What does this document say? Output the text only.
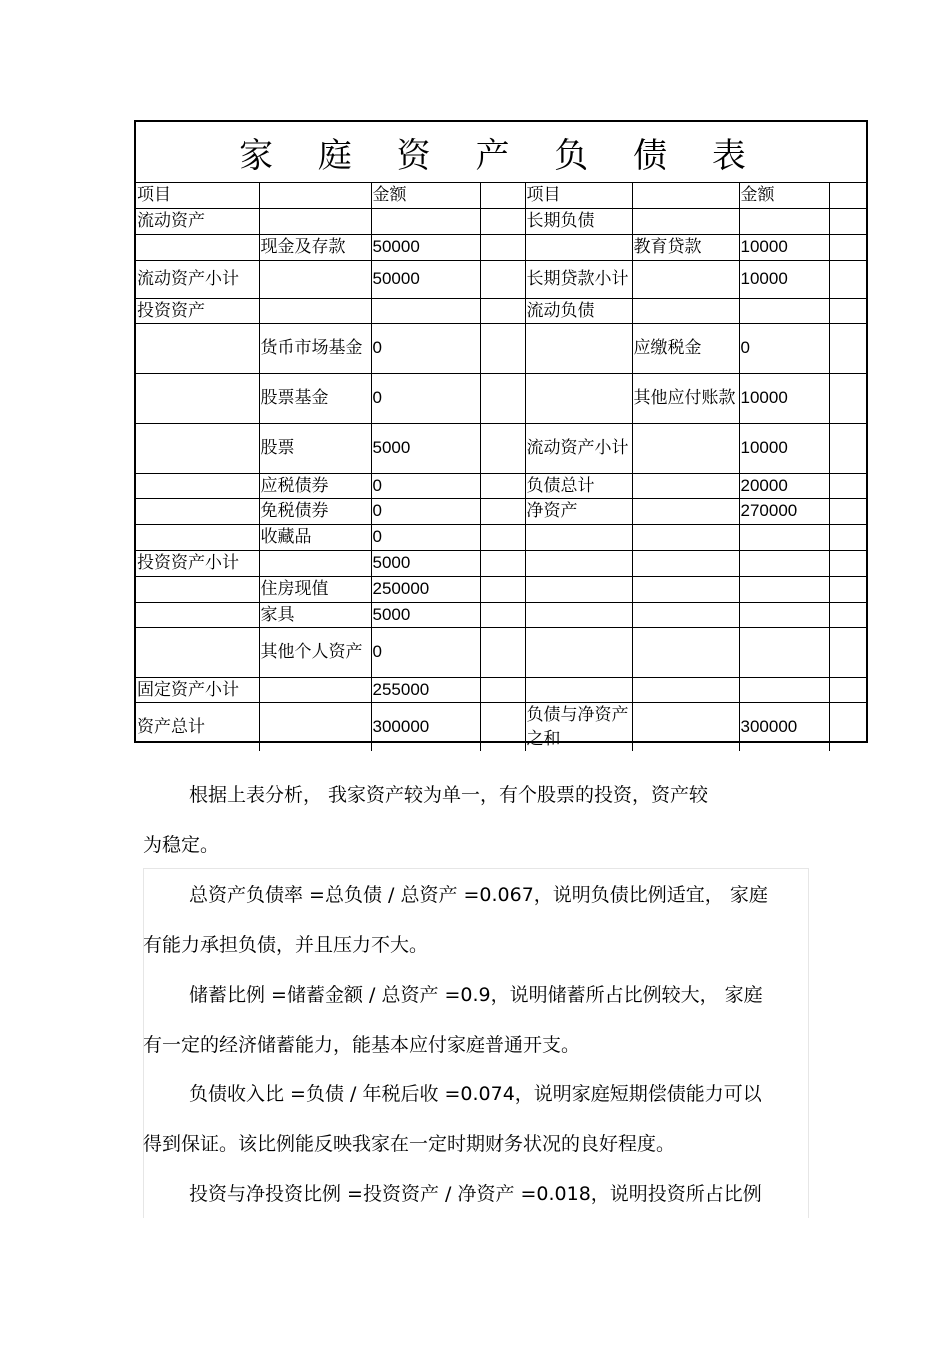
家 庭 资 产 负 债 表
项目		金额		项目		金额	
流动资产				长期负债			
	现金及存款	50000			教育贷款	10000	
流动资产小计		50000		长期贷款小计		10000	
投资资产				流动负债			
	货币市场基金	0			应缴税金	0	
	股票基金	0			其他应付账款	10000	
	股票	5000		流动资产小计		10000	
	应税债券	0		负债总计		20000	
	免税债券	0		净资产		270000	
	收藏品	0					
投资资产小计		5000					
	住房现值	250000					
	家具	5000					
	其他个人资产	0					
固定资产小计		255000					
资产总计		300000		负债与净资产之和		300000	
根据上表分析， 我家资产较为单一，有个股票的投资，资产较
为稳定。
总资产负债率 =总负债 / 总资产 =0.067，说明负债比例适宜， 家庭
有能力承担负债，并且压力不大。
储蓄比例 =储蓄金额 / 总资产 =0.9，说明储蓄所占比例较大， 家庭
有一定的经济储蓄能力，能基本应付家庭普通开支。
负债收入比 =负债 / 年税后收 =0.074，说明家庭短期偿债能力可以
得到保证。该比例能反映我家在一定时期财务状况的良好程度。
投资与净投资比例 =投资资产 / 净资产 =0.018，说明投资所占比例
